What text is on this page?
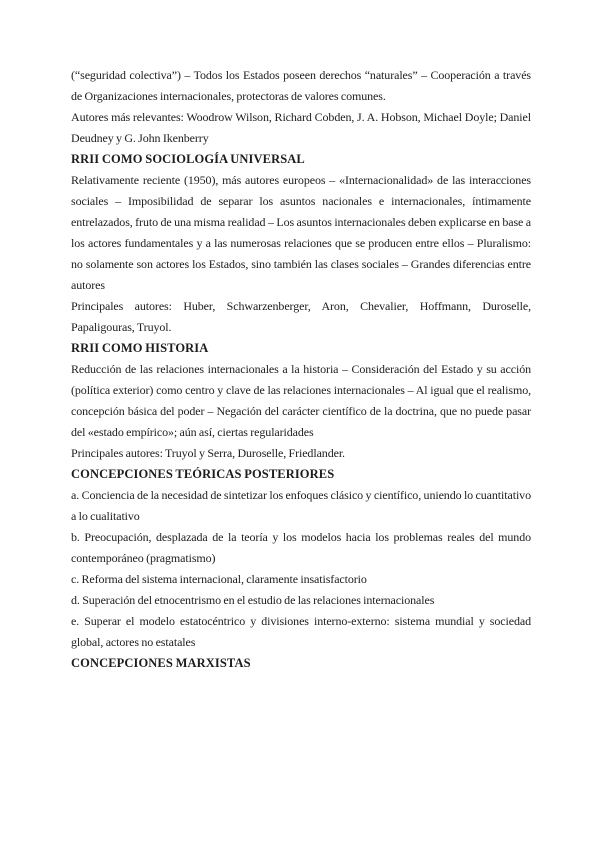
(“seguridad colectiva”) – Todos los Estados poseen derechos “naturales” – Cooperación a través de Organizaciones internacionales, protectoras de valores comunes.

Autores más relevantes: Woodrow Wilson, Richard Cobden, J. A. Hobson, Michael Doyle; Daniel Deudney y G. John Ikenberry

RRII COMO SOCIOLOGÍA UNIVERSAL

Relativamente reciente (1950), más autores europeos – «Internacionalidad» de las interacciones sociales – Imposibilidad de separar los asuntos nacionales e internacionales, íntimamente entrelazados, fruto de una misma realidad – Los asuntos internacionales deben explicarse en base a los actores fundamentales y a las numerosas relaciones que se producen entre ellos – Pluralismo: no solamente son actores los Estados, sino también las clases sociales – Grandes diferencias entre autores

Principales autores: Huber, Schwarzenberger, Aron, Chevalier, Hoffmann, Duroselle, Papaligouras, Truyol.

RRII COMO HISTORIA

Reducción de las relaciones internacionales a la historia – Consideración del Estado y su acción (política exterior) como centro y clave de las relaciones internacionales – Al igual que el realismo, concepción básica del poder – Negación del carácter científico de la doctrina, que no puede pasar del «estado empírico»; aún así, ciertas regularidades

Principales autores: Truyol y Serra, Duroselle, Friedlander.

CONCEPCIONES TEÓRICAS POSTERIORES

a. Conciencia de la necesidad de sintetizar los enfoques clásico y científico, uniendo lo cuantitativo a lo cualitativo

b. Preocupación, desplazada de la teoría y los modelos hacia los problemas reales del mundo contemporáneo (pragmatismo)

c. Reforma del sistema internacional, claramente insatisfactorio

d. Superación del etnocentrismo en el estudio de las relaciones internacionales

e. Superar el modelo estatocéntrico y divisiones interno-externo: sistema mundial y sociedad global, actores no estatales

CONCEPCIONES MARXISTAS
